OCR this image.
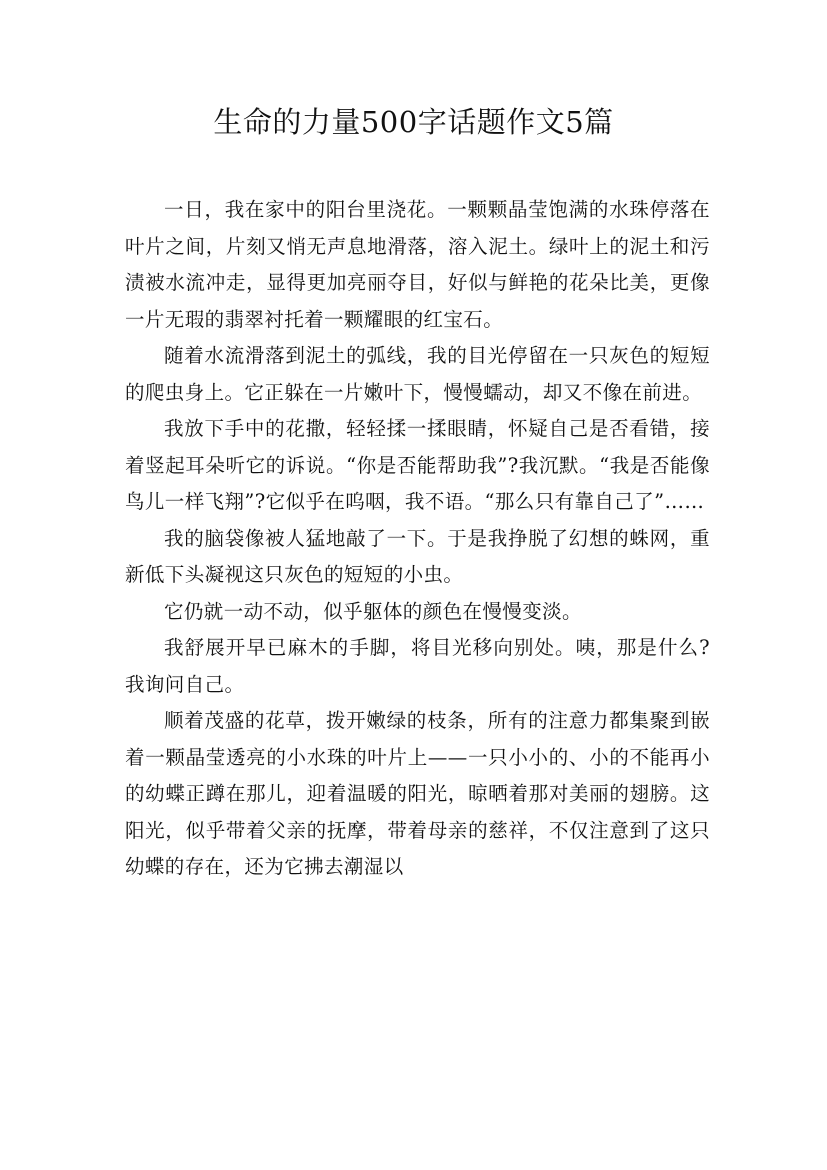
生命的力量500字话题作文5篇

一日，我在家中的阳台里浇花。一颗颗晶莹饱满的水珠停落在叶片之间，片刻又悄无声息地滑落，溶入泥土。绿叶上的泥土和污渍被水流冲走，显得更加亮丽夺目，好似与鲜艳的花朵比美，更像一片无瑕的翡翠衬托着一颗耀眼的红宝石。

随着水流滑落到泥土的弧线，我的目光停留在一只灰色的短短的爬虫身上。它正躲在一片嫩叶下，慢慢蠕动，却又不像在前进。

我放下手中的花撒，轻轻揉一揉眼睛，怀疑自己是否看错，接着竖起耳朵听它的诉说。“你是否能帮助我”?我沉默。“我是否能像鸟儿一样飞翔”?它似乎在呜咽，我不语。“那么只有靠自己了”……

我的脑袋像被人猛地敲了一下。于是我挣脱了幻想的蛛网，重新低下头凝视这只灰色的短短的小虫。

它仍就一动不动，似乎躯体的颜色在慢慢变淡。

我舒展开早已麻木的手脚，将目光移向别处。咦，那是什么?我询问自己。

顺着茂盛的花草，拨开嫩绿的枝条，所有的注意力都集聚到嵌着一颗晶莹透亮的小水珠的叶片上——一只小小的、小的不能再小的幼蝶正蹲在那儿，迎着温暖的阳光，晾晒着那对美丽的翅膀。这阳光，似乎带着父亲的抚摩，带着母亲的慈祥，不仅注意到了这只幼蝶的存在，还为它拂去潮湿以
